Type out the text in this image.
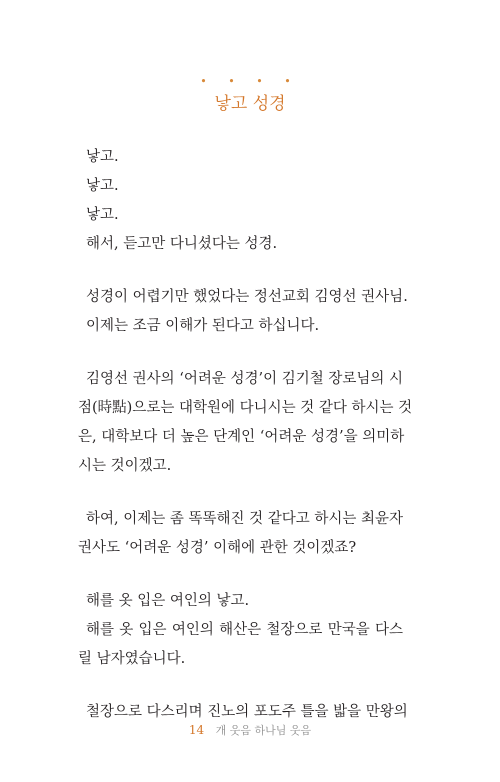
• • • •
낳고 성경
낳고.
낳고.
낳고.
해서, 듣고만 다니셨다는 성경.
성경이 어렵기만 했었다는 정선교회 김영선 권사님.
이제는 조금 이해가 된다고 하십니다.
김영선 권사의 ‘어려운 성경’이 김기철 장로님의 시
점(時點)으로는 대학원에 다니시는 것 같다 하시는 것
은, 대학보다 더 높은 단계인 ‘어려운 성경’을 의미하
시는 것이겠고.
하여, 이제는 좀 똑똑해진 것 같다고 하시는 최윤자
권사도 ‘어려운 성경’ 이해에 관한 것이겠죠?
해를 옷 입은 여인의 낳고.
해를 옷 입은 여인의 해산은 철장으로 만국을 다스
릴 남자였습니다.
철장으로 다스리며 진노의 포도주 틀을 밟을 만왕의
14 개 웃음 하나님 웃음
